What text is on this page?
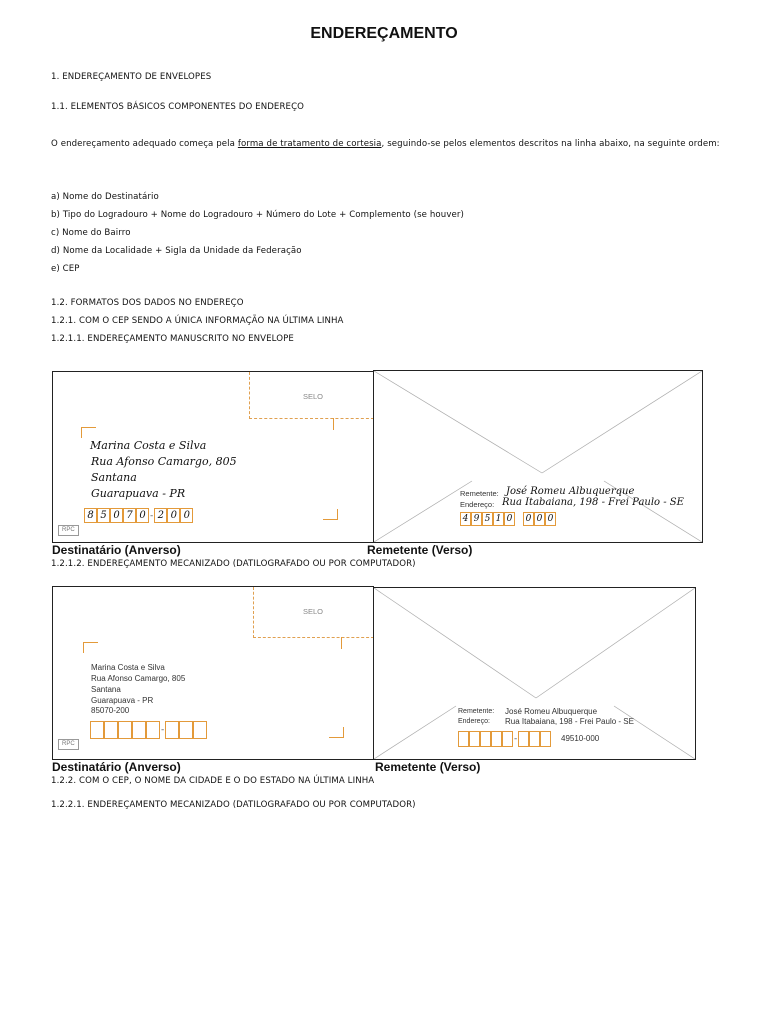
ENDEREÇAMENTO
1. ENDEREÇAMENTO DE ENVELOPES
1.1. ELEMENTOS BÁSICOS COMPONENTES DO ENDEREÇO
O endereçamento adequado começa pela forma de tratamento de cortesia, seguindo-se pelos elementos descritos na linha abaixo, na seguinte ordem:
a) Nome do Destinatário
b) Tipo do Logradouro + Nome do Logradouro + Número do Lote + Complemento (se houver)
c) Nome do Bairro
d) Nome da Localidade + Sigla da Unidade da Federação
e) CEP
1.2. FORMATOS DOS DADOS NO ENDEREÇO
1.2.1. COM O CEP SENDO A ÚNICA INFORMAÇÃO NA ÚLTIMA LINHA
1.2.1.1. ENDEREÇAMENTO MANUSCRITO NO ENVELOPE
SELO
Marina Costa e Silva
Rua Afonso Camargo, 805
Santana
Guarapuava - PR
8 5 0 7 0 - 2 0 0
RPC
Remetente: José Romeu Albuquerque
Endereço: Rua Itabaiana, 198 - Frei Paulo - SE
4 9 5 1 0 0 0 0
Destinatário (Anverso)	Remetente (Verso)
1.2.1.2. ENDEREÇAMENTO MECANIZADO (DATILOGRAFADO OU POR COMPUTADOR)
SELO
Marina Costa e Silva
Rua Afonso Camargo, 805
Santana
Guarapuava - PR
85070-200
-
RPC
Remetente: José Romeu Albuquerque
Endereço: Rua Itabaiana, 198 - Frei Paulo - SE
-	49510-000
Destinatário (Anverso)	Remetente (Verso)
1.2.2. COM O CEP, O NOME DA CIDADE E O DO ESTADO NA ÚLTIMA LINHA
1.2.2.1. ENDEREÇAMENTO MECANIZADO (DATILOGRAFADO OU POR COMPUTADOR)
